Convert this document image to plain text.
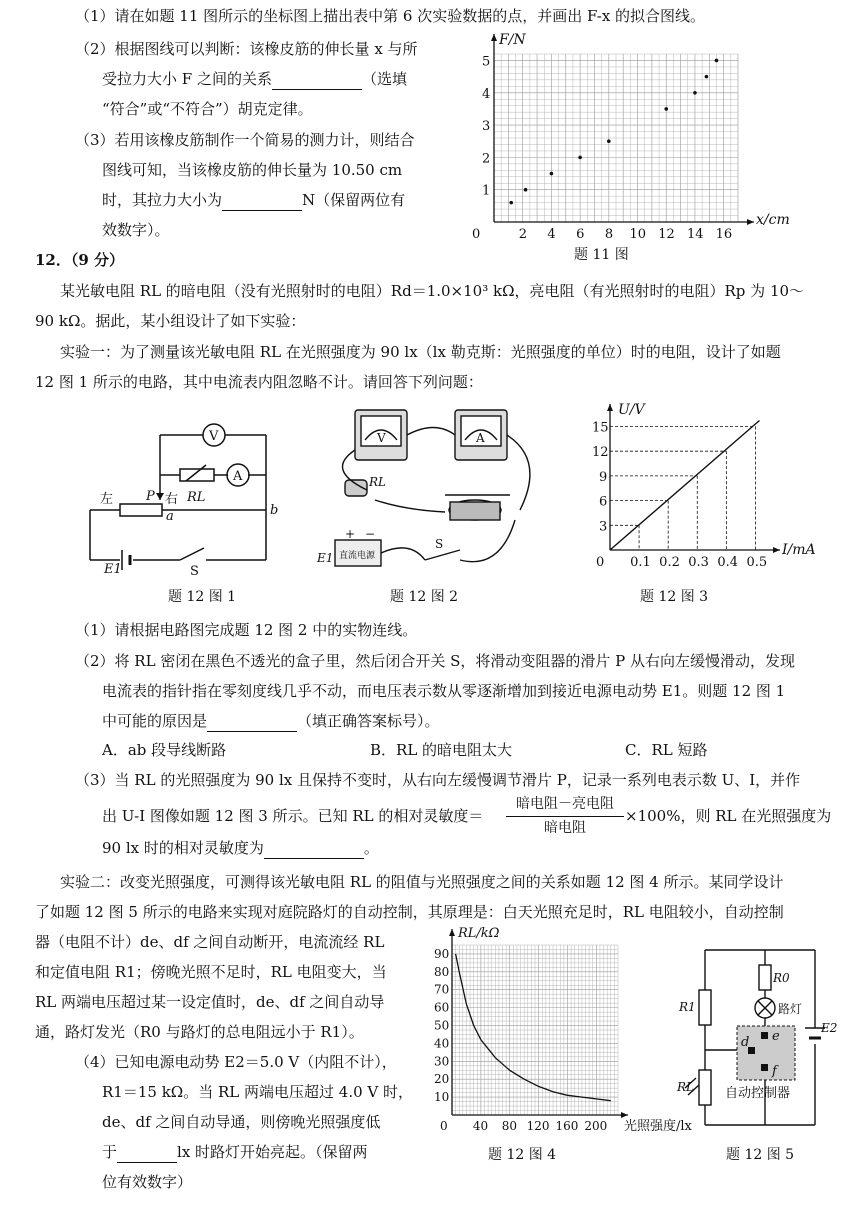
（1）请在如题 11 图所示的坐标图上描出表中第 6 次实验数据的点，并画出 F-x 的拟合图线。
（2）根据图线可以判断：该橡皮筋的伸长量 x 与所
受拉力大小 F 之间的关系	（选填
“符合”或“不符合”）胡克定律。
（3）若用该橡皮筋制作一个简易的测力计，则结合
图线可知，当该橡皮筋的伸长量为 10.50 cm
时，其拉力大小为	N（保留两位有
效数字）。	2 4 6 8 10 12 14 16
1
2
3
4
5
0
x/cm
F/N
题 11 图
12．（9 分）
某光敏电阻 RL 的暗电阻（没有光照射时的电阻）Rd＝1.0×10³ kΩ，亮电阻（有光照射时的电阻）Rp 为 10～
90 kΩ。据此，某小组设计了如下实验：
实验一：为了测量该光敏电阻 RL 在光照强度为 90 lx（lx 勒克斯：光照强度的单位）时的电阻，设计了如题
12 图 1 所示的电路，其中电流表内阻忽略不计。请回答下列问题：
V
A
RL
左	P 右
a	b
E1	S
题 12 图 1
V	A
RL
E1 直流电源
+ −
S
题 12 图 2
0.1 0.2 0.3 0.4 0.5
3
6
9
12
15
0
I/mA
U/V
题 12 图 3
（1）请根据电路图完成题 12 图 2 中的实物连线。
（2）将 RL 密闭在黑色不透光的盒子里，然后闭合开关 S，将滑动变阻器的滑片 P 从右向左缓慢滑动，发现
电流表的指针指在零刻度线几乎不动，而电压表示数从零逐渐增加到接近电源电动势 E1。则题 12 图 1
中可能的原因是	（填正确答案标号）。
A．ab 段导线断路	B．RL 的暗电阻太大	C．RL 短路
（3）当 RL 的光照强度为 90 lx 且保持不变时，从右向左缓慢调节滑片 P，记录一系列电表示数 U、I，并作
出 U-I 图像如题 12 图 3 所示。已知 RL 的相对灵敏度＝
暗电阻－亮电阻
暗电阻
×100%，则 RL 在光照强度为
90 lx 时的相对灵敏度为	。
实验二：改变光照强度，可测得该光敏电阻 RL 的阻值与光照强度之间的关系如题 12 图 4 所示。某同学设计
了如题 12 图 5 所示的电路来实现对庭院路灯的自动控制，其原理是：白天光照充足时，RL 电阻较小，自动控制
器（电阻不计）de、df 之间自动断开，电流流经 RL
和定值电阻 R1；傍晚光照不足时，RL 电阻变大，当
RL 两端电压超过某一设定值时，de、df 之间自动导
通，路灯发光（R0 与路灯的总电阻远小于 R1）。
（4）已知电源电动势 E2＝5.0 V（内阻不计），
R1＝15 kΩ。当 RL 两端电压超过 4.0 V 时，
de、df 之间自动导通，则傍晚光照强度低
于	lx 时路灯开始亮起。（保留两
位有效数字）
40 80 120 160 200
10
20
30
40
50
60
70
80
90
0	光照强度/lx
RL/kΩ
题 12 图 4
R0
路灯
R1
E2
d e
f
RL 自动控制器
题 12 图 5
